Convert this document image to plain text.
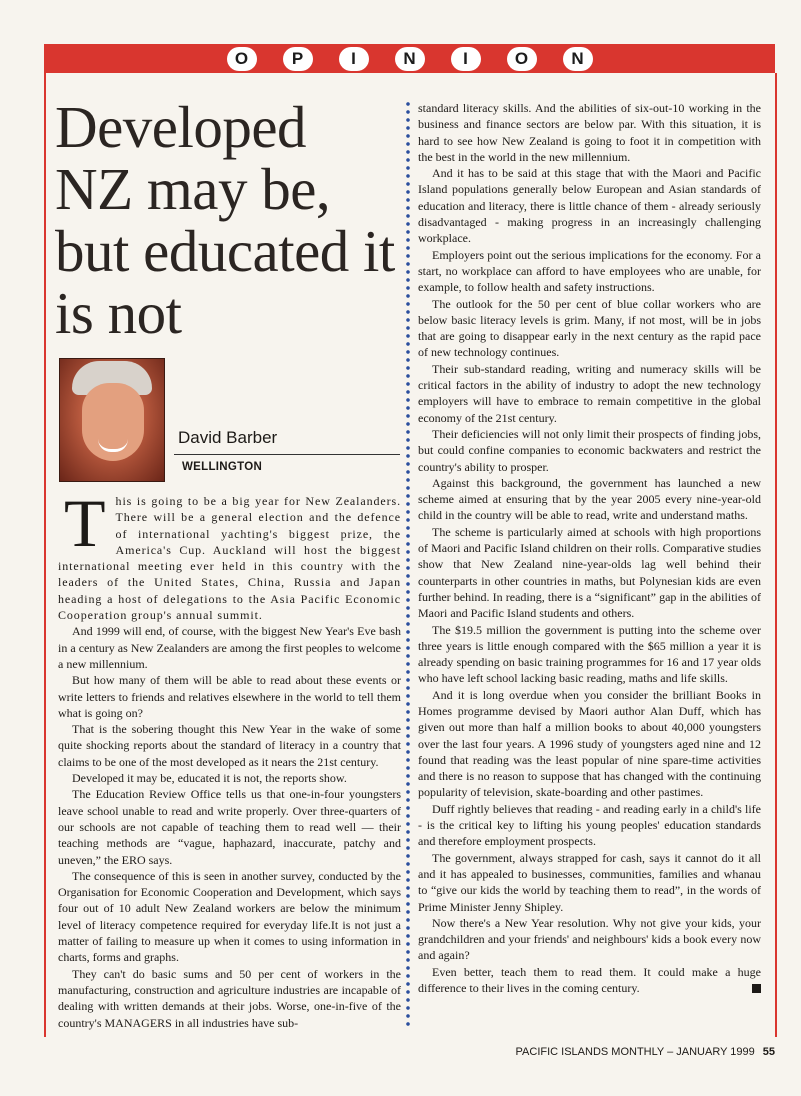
O	P	I	N	I	O	N
Developed NZ may be, but educated it is not

David Barber

WELLINGTON

This is going to be a big year for New Zealanders. There will be a general election and the defence of international yachting's biggest prize, the America's Cup. Auckland will host the biggest international meeting ever held in this country with the leaders of the United States, China, Russia and Japan heading a host of delegations to the Asia Pacific Economic Cooperation group's annual summit.

And 1999 will end, of course, with the biggest New Year's Eve bash in a century as New Zealanders are among the first peoples to welcome a new millennium.

But how many of them will be able to read about these events or write letters to friends and relatives elsewhere in the world to tell them what is going on?

That is the sobering thought this New Year in the wake of some quite shocking reports about the standard of literacy in a country that claims to be one of the most developed as it nears the 21st century.

Developed it may be, educated it is not, the reports show.

The Education Review Office tells us that one-in-four youngsters leave school unable to read and write properly. Over three-quarters of our schools are not capable of teaching them to read well — their teaching methods are “vague, haphazard, inaccurate, patchy and uneven,” the ERO says.

The consequence of this is seen in another survey, conducted by the Organisation for Economic Cooperation and Development, which says four out of 10 adult New Zealand workers are below the minimum level of literacy competence required for everyday life.It is not just a matter of failing to measure up when it comes to using information in charts, forms and graphs.

They can't do basic sums and 50 per cent of workers in the manufacturing, construction and agriculture industries are incapable of dealing with written demands at their jobs. Worse, one-in-five of the country's MANAGERS in all industries have sub-

standard literacy skills. And the abilities of six-out-10 working in the business and finance sectors are below par. With this situation, it is hard to see how New Zealand is going to foot it in competition with the best in the world in the new millennium.

And it has to be said at this stage that with the Maori and Pacific Island populations generally below European and Asian standards of education and literacy, there is little chance of them - already seriously disadvantaged - making progress in an increasingly challenging workplace.

Employers point out the serious implications for the economy. For a start, no workplace can afford to have employees who are unable, for example, to follow health and safety instructions.

The outlook for the 50 per cent of blue collar workers who are below basic literacy levels is grim. Many, if not most, will be in jobs that are going to disappear early in the next century as the rapid pace of new technology continues.

Their sub-standard reading, writing and numeracy skills will be critical factors in the ability of industry to adopt the new technology employers will have to embrace to remain competitive in the global economy of the 21st century.

Their deficiencies will not only limit their prospects of finding jobs, but could confine companies to economic backwaters and restrict the country's ability to prosper.

Against this background, the government has launched a new scheme aimed at ensuring that by the year 2005 every nine-year-old child in the country will be able to read, write and understand maths.

The scheme is particularly aimed at schools with high proportions of Maori and Pacific Island children on their rolls. Comparative studies show that New Zealand nine-year-olds lag well behind their counterparts in other countries in maths, but Polynesian kids are even further behind. In reading, there is a “significant” gap in the abilities of Maori and Pacific Island students and others.

The $19.5 million the government is putting into the scheme over three years is little enough compared with the $65 million a year it is already spending on basic training programmes for 16 and 17 year olds who have left school lacking basic reading, maths and life skills.

And it is long overdue when you consider the brilliant Books in Homes programme devised by Maori author Alan Duff, which has given out more than half a million books to about 40,000 youngsters over the last four years. A 1996 study of youngsters aged nine and 12 found that reading was the least popular of nine spare-time activities and there is no reason to suppose that has changed with the continuing popularity of television, skate-boarding and other pastimes.

Duff rightly believes that reading - and reading early in a child's life - is the critical key to lifting his young peoples' education standards and therefore employment prospects.

The government, always strapped for cash, says it cannot do it all and it has appealed to businesses, communities, families and whanau to “give our kids the world by teaching them to read”, in the words of Prime Minister Jenny Shipley.

Now there's a New Year resolution. Why not give your kids, your grandchildren and your friends' and neighbours' kids a book every now and again?

Even better, teach them to read them. It could make a huge difference to their lives in the coming century.

PACIFIC ISLANDS MONTHLY – JANUARY 1999 55
